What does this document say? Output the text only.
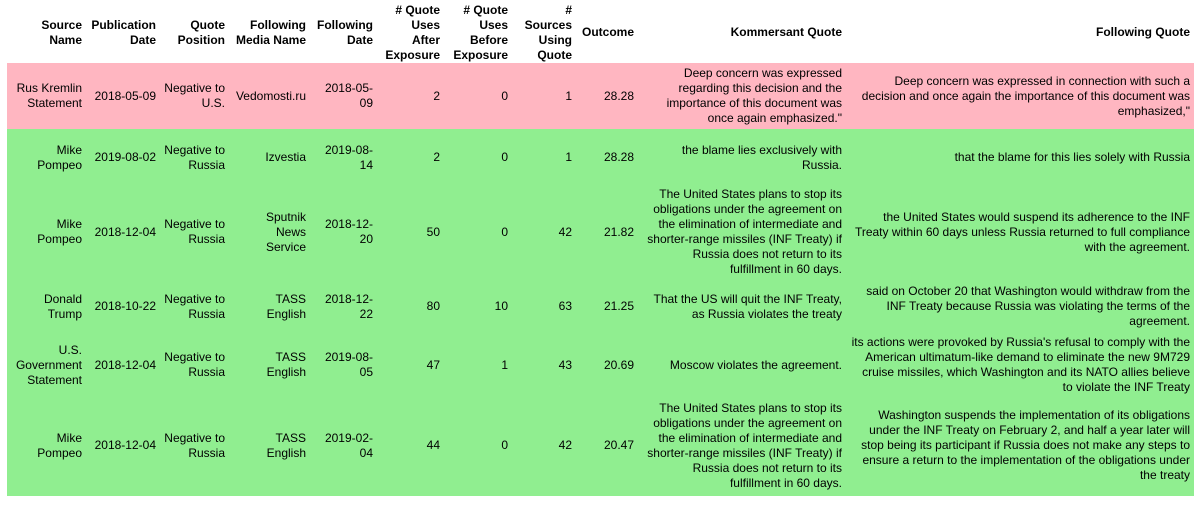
Source Name	Publication Date	Quote Position	Following Media Name	Following Date	# Quote Uses After Exposure	# Quote Uses Before Exposure	# Sources Using Quote	Outcome	Kommersant Quote	Following Quote
Rus Kremlin Statement	2018-05-09	Negative to U.S.	Vedomosti.ru	2018-05-09	2	0	1	28.28	Deep concern was expressed regarding this decision and the importance of this document was once again emphasized."	Deep concern was expressed in connection with such a decision and once again the importance of this document was emphasized,"
Mike Pompeo	2019-08-02	Negative to Russia	Izvestia	2019-08-14	2	0	1	28.28	the blame lies exclusively with Russia.	that the blame for this lies solely with Russia
Mike Pompeo	2018-12-04	Negative to Russia	Sputnik News Service	2018-12-20	50	0	42	21.82	The United States plans to stop its obligations under the agreement on the elimination of intermediate and shorter-range missiles (INF Treaty) if Russia does not return to its fulfillment in 60 days.	the United States would suspend its adherence to the INF Treaty within 60 days unless Russia returned to full compliance with the agreement.
Donald Trump	2018-10-22	Negative to Russia	TASS English	2018-12-22	80	10	63	21.25	That the US will quit the INF Treaty, as Russia violates the treaty	said on October 20 that Washington would withdraw from the INF Treaty because Russia was violating the terms of the agreement.
U.S. Government Statement	2018-12-04	Negative to Russia	TASS English	2019-08-05	47	1	43	20.69	Moscow violates the agreement.	its actions were provoked by Russia's refusal to comply with the American ultimatum-like demand to eliminate the new 9M729 cruise missiles, which Washington and its NATO allies believe to violate the INF Treaty
Mike Pompeo	2018-12-04	Negative to Russia	TASS English	2019-02-04	44	0	42	20.47	The United States plans to stop its obligations under the agreement on the elimination of intermediate and shorter-range missiles (INF Treaty) if Russia does not return to its fulfillment in 60 days.	Washington suspends the implementation of its obligations under the INF Treaty on February 2, and half a year later will stop being its participant if Russia does not make any steps to ensure a return to the implementation of the obligations under the treaty
